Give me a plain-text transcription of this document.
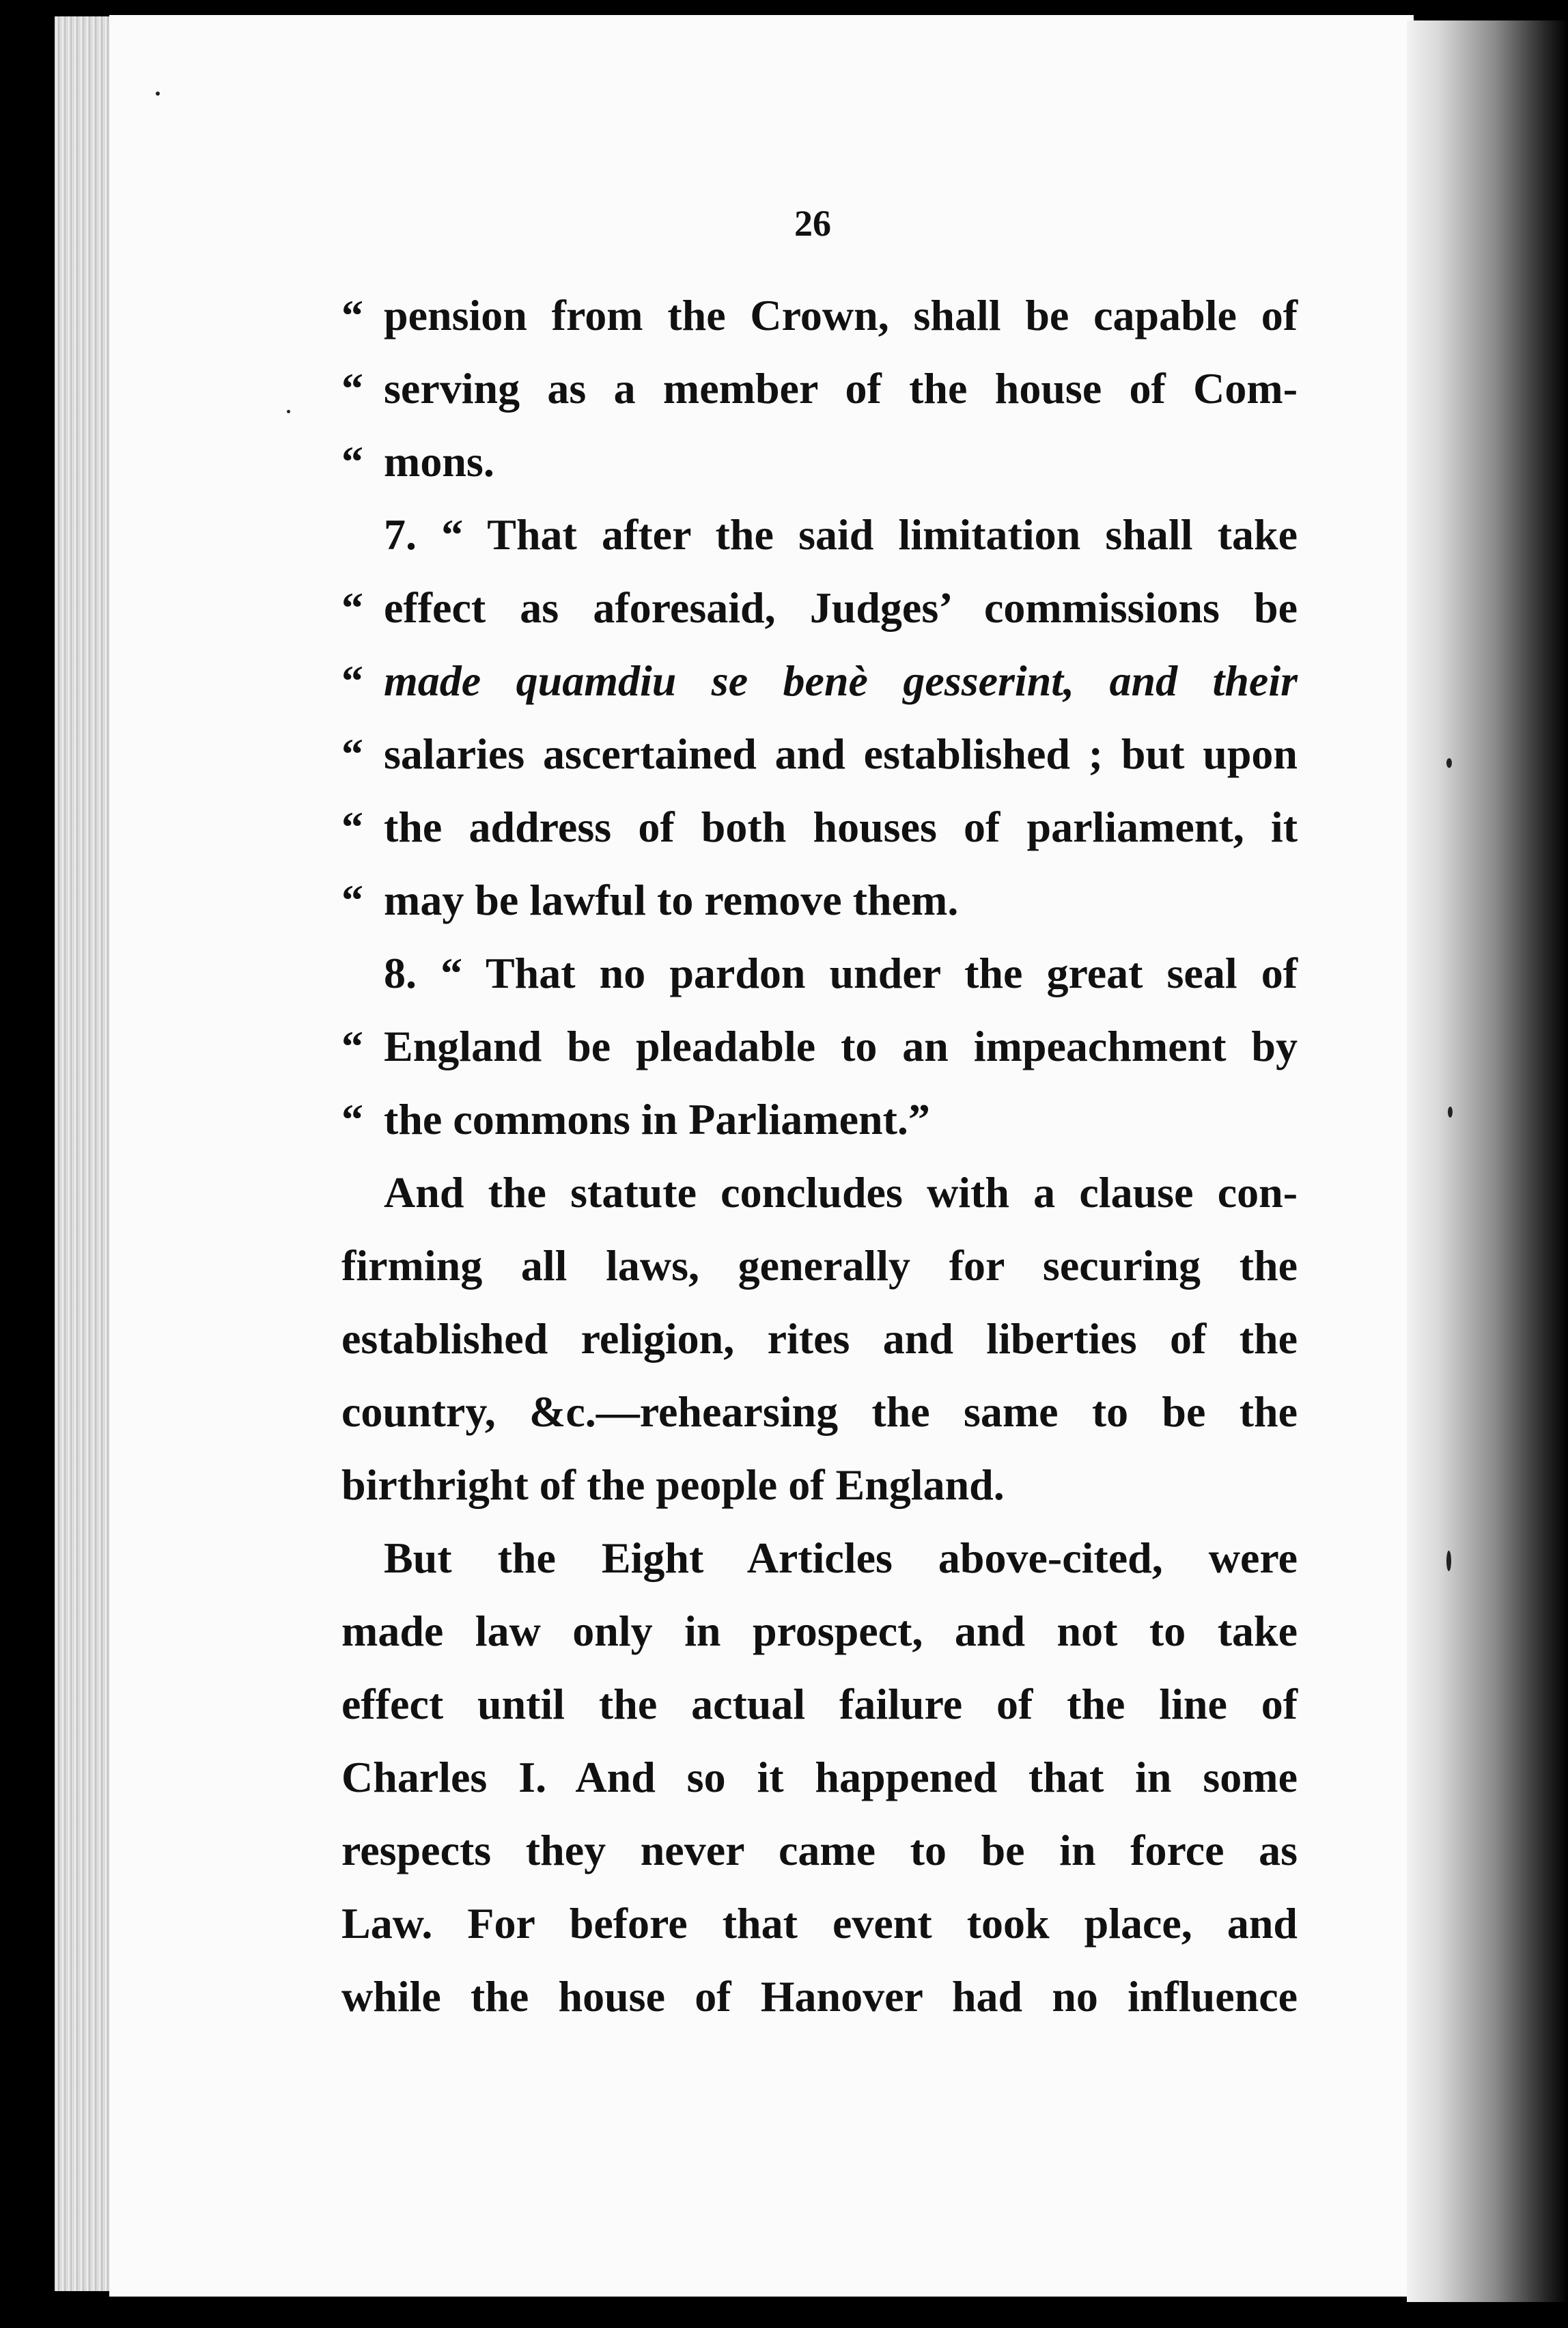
26
“ pension from the Crown, shall be capable of
“ serving as a member of the house of Com-
“ mons.
7. “ That after the said limitation shall take
“ effect as aforesaid, Judges’ commissions be
“ made quamdiu se benè gesserint, and their
“ salaries ascertained and established ; but upon
“ the address of both houses of parliament, it
“ may be lawful to remove them.
8. “ That no pardon under the great seal of
“ England be pleadable to an impeachment by
“ the commons in Parliament.”
And the statute concludes with a clause con-
firming all laws, generally for securing the
established religion, rites and liberties of the
country, &c.—rehearsing the same to be the
birthright of the people of England.
But the Eight Articles above-cited, were
made law only in prospect, and not to take
effect until the actual failure of the line of
Charles I. And so it happened that in some
respects they never came to be in force as
Law. For before that event took place, and
while the house of Hanover had no influence
